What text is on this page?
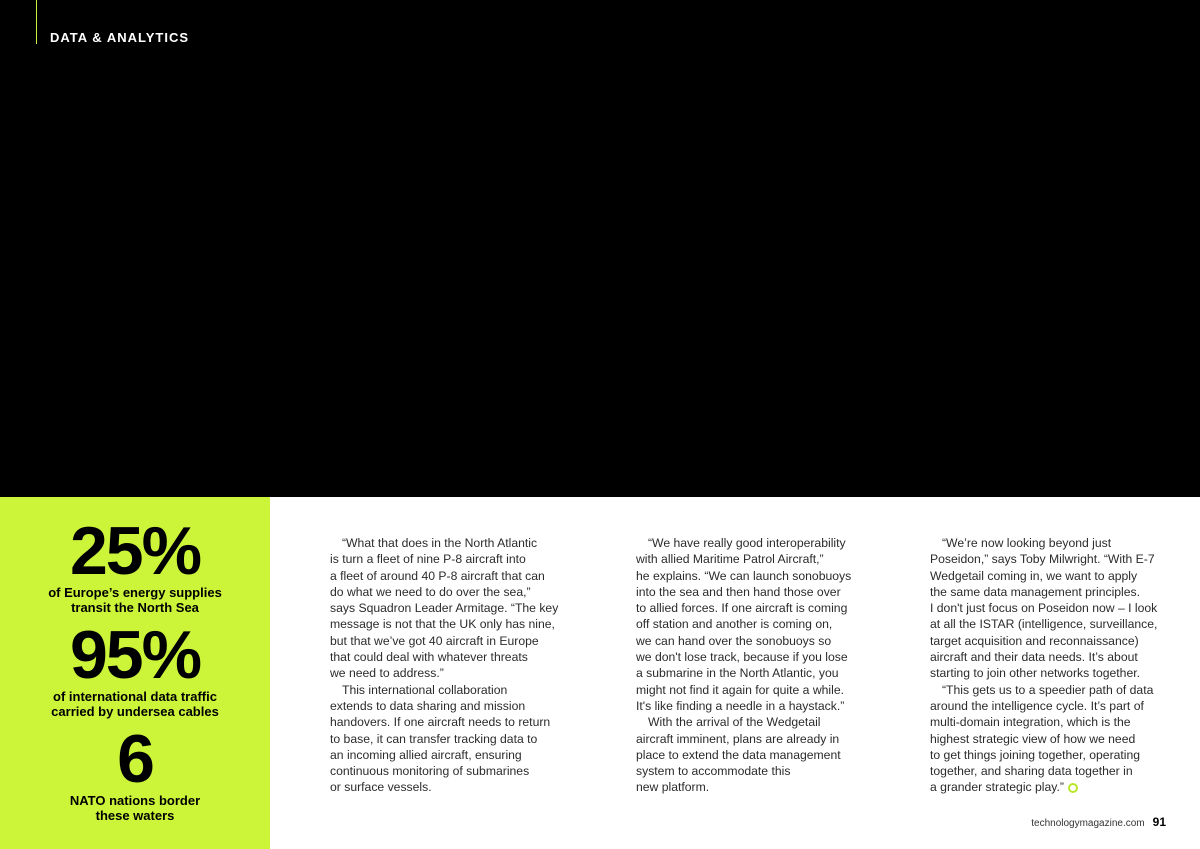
DATA & ANALYTICS
25%
of Europe’s energy supplies
transit the North Sea
95%
of international data traffic
carried by undersea cables
6
NATO nations border
these waters

“What that does in the North Atlantic
is turn a fleet of nine P-8 aircraft into
a fleet of around 40 P-8 aircraft that can
do what we need to do over the sea,”
says Squadron Leader Armitage. “The key
message is not that the UK only has nine,
but that we’ve got 40 aircraft in Europe
that could deal with whatever threats
we need to address.”

This international collaboration
extends to data sharing and mission
handovers. If one aircraft needs to return
to base, it can transfer tracking data to
an incoming allied aircraft, ensuring
continuous monitoring of submarines
or surface vessels.

“We have really good interoperability
with allied Maritime Patrol Aircraft,”
he explains. “We can launch sonobuoys
into the sea and then hand those over
to allied forces. If one aircraft is coming
off station and another is coming on,
we can hand over the sonobuoys so
we don't lose track, because if you lose
a submarine in the North Atlantic, you
might not find it again for quite a while.
It's like finding a needle in a haystack.”

With the arrival of the Wedgetail
aircraft imminent, plans are already in
place to extend the data management
system to accommodate this
new platform.

“We’re now looking beyond just
Poseidon,” says Toby Milwright. “With E-7
Wedgetail coming in, we want to apply
the same data management principles.
I don't just focus on Poseidon now – I look
at all the ISTAR (intelligence, surveillance,
target acquisition and reconnaissance)
aircraft and their data needs. It’s about
starting to join other networks together.

“This gets us to a speedier path of data
around the intelligence cycle. It’s part of
multi-domain integration, which is the
highest strategic view of how we need
to get things joining together, operating
together, and sharing data together in
a grander strategic play.”

technologymagazine.com 91
